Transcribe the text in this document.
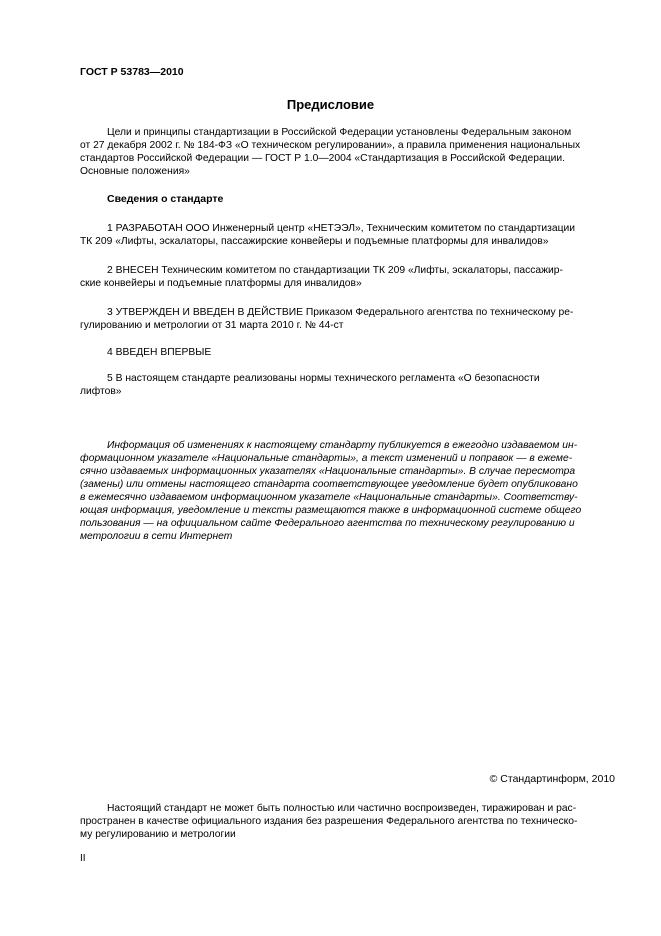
ГОСТ Р 53783—2010
Предисловие

Цели и принципы стандартизации в Российской Федерации установлены Федеральным законом
от 27 декабря 2002 г. № 184-ФЗ «О техническом регулировании», а правила применения национальных
стандартов Российской Федерации — ГОСТ Р 1.0—2004 «Стандартизация в Российской Федерации.
Основные положения»

Сведения о стандарте

1 РАЗРАБОТАН ООО Инженерный центр «НЕТЭЭЛ», Техническим комитетом по стандартизации
ТК 209 «Лифты, эскалаторы, пассажирские конвейеры и подъемные платформы для инвалидов»

2 ВНЕСЕН Техническим комитетом по стандартизации ТК 209 «Лифты, эскалаторы, пассажир-
ские конвейеры и подъемные платформы для инвалидов»

3 УТВЕРЖДЕН И ВВЕДЕН В ДЕЙСТВИЕ Приказом Федерального агентства по техническому ре-
гулированию и метрологии от 31 марта 2010 г. № 44-ст

4 ВВЕДЕН ВПЕРВЫЕ

5 В настоящем стандарте реализованы нормы технического регламента «О безопасности
лифтов»

Информация об изменениях к настоящему стандарту публикуется в ежегодно издаваемом ин-
формационном указателе «Национальные стандарты», а текст изменений и поправок — в ежеме-
сячно издаваемых информационных указателях «Национальные стандарты». В случае пересмотра
(замены) или отмены настоящего стандарта соответствующее уведомление будет опубликовано
в ежемесячно издаваемом информационном указателе «Национальные стандарты». Соответству-
ющая информация, уведомление и тексты размещаются также в информационной системе общего
пользования — на официальном сайте Федерального агентства по техническому регулированию и
метрологии в сети Интернет

© Стандартинформ, 2010

Настоящий стандарт не может быть полностью или частично воспроизведен, тиражирован и рас-
пространен в качестве официального издания без разрешения Федерального агентства по техническо-
му регулированию и метрологии

II
